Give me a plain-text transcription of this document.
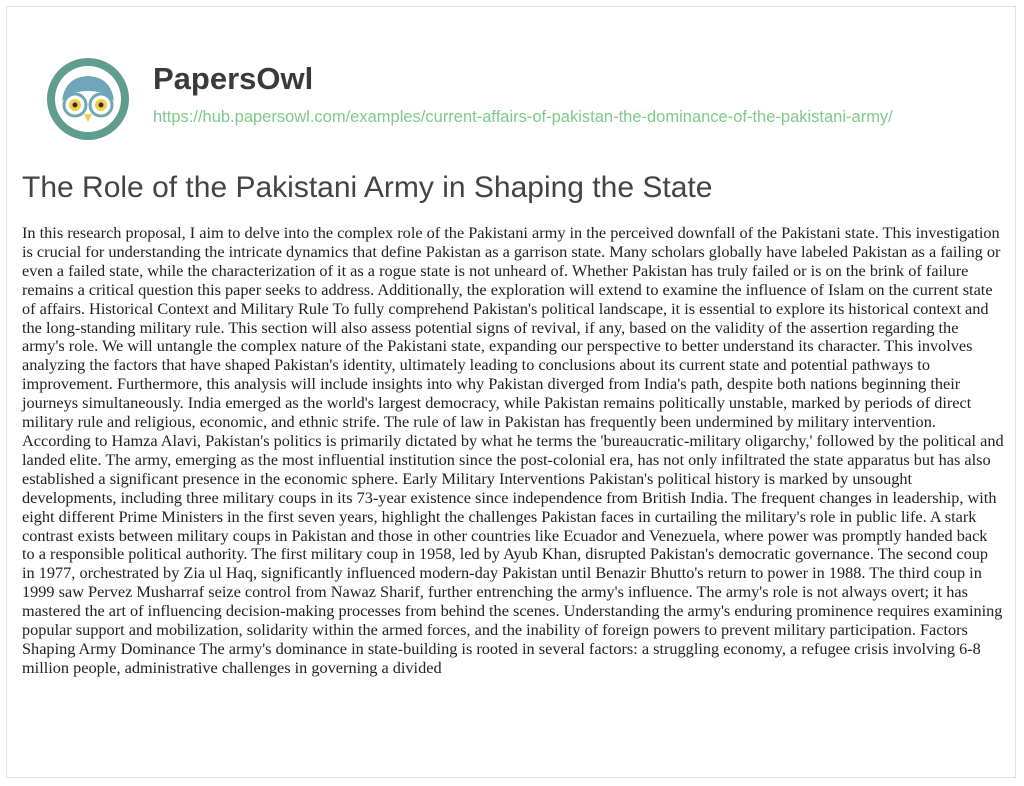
PapersOwl
https://hub.papersowl.com/examples/current-affairs-of-pakistan-the-dominance-of-the-pakistani-army/
The Role of the Pakistani Army in Shaping the State

In this research proposal, I aim to delve into the complex role of the Pakistani army in the perceived downfall of the Pakistani state. This investigation is crucial for understanding the intricate dynamics that define Pakistan as a garrison state. Many scholars globally have labeled Pakistan as a failing or even a failed state, while the characterization of it as a rogue state is not unheard of. Whether Pakistan has truly failed or is on the brink of failure remains a critical question this paper seeks to address. Additionally, the exploration will extend to examine the influence of Islam on the current state of affairs. Historical Context and Military Rule To fully comprehend Pakistan's political landscape, it is essential to explore its historical context and the long-standing military rule. This section will also assess potential signs of revival, if any, based on the validity of the assertion regarding the army's role. We will untangle the complex nature of the Pakistani state, expanding our perspective to better understand its character. This involves analyzing the factors that have shaped Pakistan's identity, ultimately leading to conclusions about its current state and potential pathways to improvement. Furthermore, this analysis will include insights into why Pakistan diverged from India's path, despite both nations beginning their journeys simultaneously. India emerged as the world's largest democracy, while Pakistan remains politically unstable, marked by periods of direct military rule and religious, economic, and ethnic strife. The rule of law in Pakistan has frequently been undermined by military intervention. According to Hamza Alavi, Pakistan's politics is primarily dictated by what he terms the 'bureaucratic-military oligarchy,' followed by the political and landed elite. The army, emerging as the most influential institution since the post-colonial era, has not only infiltrated the state apparatus but has also established a significant presence in the economic sphere. Early Military Interventions Pakistan's political history is marked by unsought developments, including three military coups in its 73-year existence since independence from British India. The frequent changes in leadership, with eight different Prime Ministers in the first seven years, highlight the challenges Pakistan faces in curtailing the military's role in public life. A stark contrast exists between military coups in Pakistan and those in other countries like Ecuador and Venezuela, where power was promptly handed back to a responsible political authority. The first military coup in 1958, led by Ayub Khan, disrupted Pakistan's democratic governance. The second coup in 1977, orchestrated by Zia ul Haq, significantly influenced modern-day Pakistan until Benazir Bhutto's return to power in 1988. The third coup in 1999 saw Pervez Musharraf seize control from Nawaz Sharif, further entrenching the army's influence. The army's role is not always overt; it has mastered the art of influencing decision-making processes from behind the scenes. Understanding the army's enduring prominence requires examining popular support and mobilization, solidarity within the armed forces, and the inability of foreign powers to prevent military participation. Factors Shaping Army Dominance The army's dominance in state-building is rooted in several factors: a struggling economy, a refugee crisis involving 6-8 million people, administrative challenges in governing a divided
